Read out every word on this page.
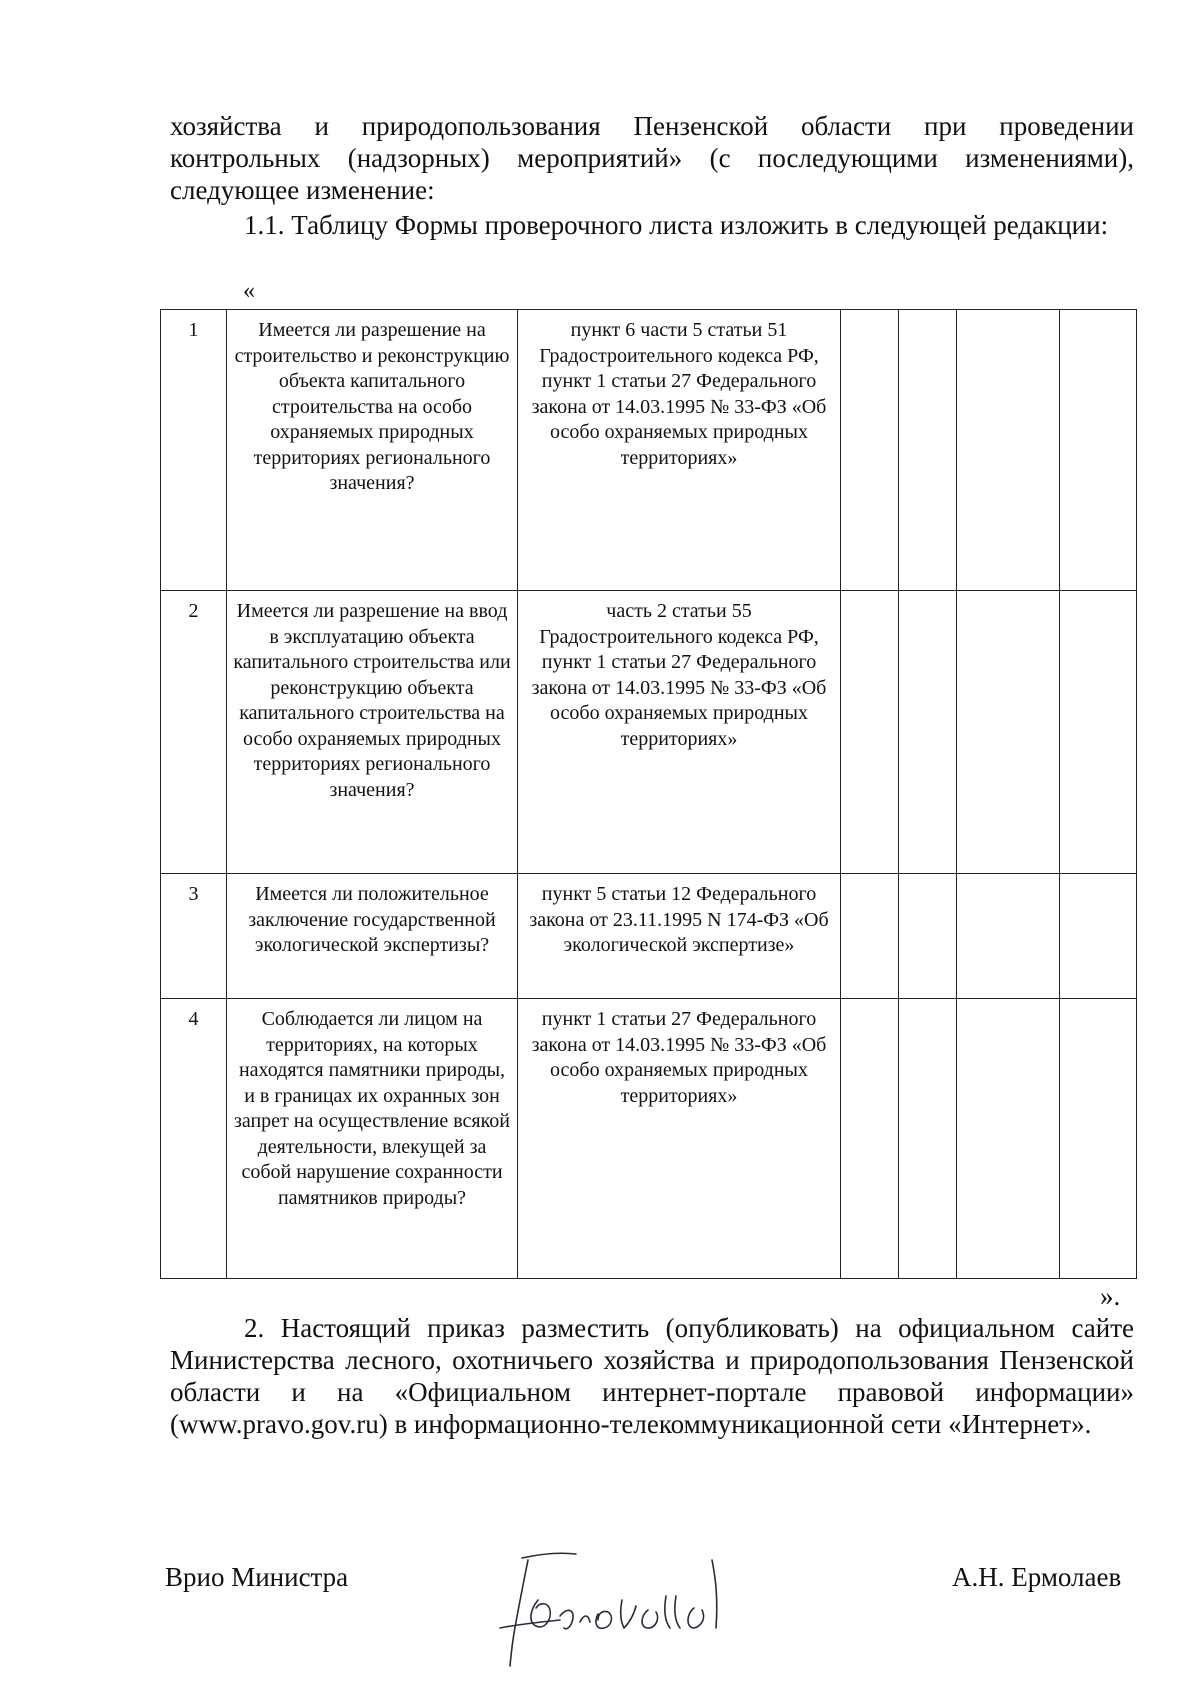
хозяйства и природопользования Пензенской области при проведении контрольных (надзорных) мероприятий» (с последующими изменениями), следующее изменение:

1.1. Таблицу Формы проверочного листа изложить в следующей редакции:

«
1	Имеется ли разрешение на строительство и реконструкцию объекта капитального строительства на особо охраняемых природных территориях регионального значения?	пункт 6 части 5 статьи 51 Градостроительного кодекса РФ, пункт 1 статьи 27 Федерального закона от 14.03.1995 № 33-ФЗ «Об особо охраняемых природных территориях»				
2	Имеется ли разрешение на ввод в эксплуатацию объекта капитального строительства или реконструкцию объекта капитального строительства на особо охраняемых природных территориях регионального значения?	часть 2 статьи 55 Градостроительного кодекса РФ, пункт 1 статьи 27 Федерального закона от 14.03.1995 № 33-ФЗ «Об особо охраняемых природных территориях»				
3	Имеется ли положительное заключение государственной экологической экспертизы?	пункт 5 статьи 12 Федерального закона от 23.11.1995 N 174-ФЗ «Об экологической экспертизе»				
4	Соблюдается ли лицом на территориях, на которых находятся памятники природы, и в границах их охранных зон запрет на осуществление всякой деятельности, влекущей за собой нарушение сохранности памятников природы?	пункт 1 статьи 27 Федерального закона от 14.03.1995 № 33-ФЗ «Об особо охраняемых природных территориях»				
».

2. Настоящий приказ разместить (опубликовать) на официальном сайте Министерства лесного, охотничьего хозяйства и природопользования Пензенской области и на «Официальном интернет-портале правовой информации» (www.pravo.gov.ru) в информационно-телекоммуникационной сети «Интернет».

Врио Министра	А.Н. Ермолаев
